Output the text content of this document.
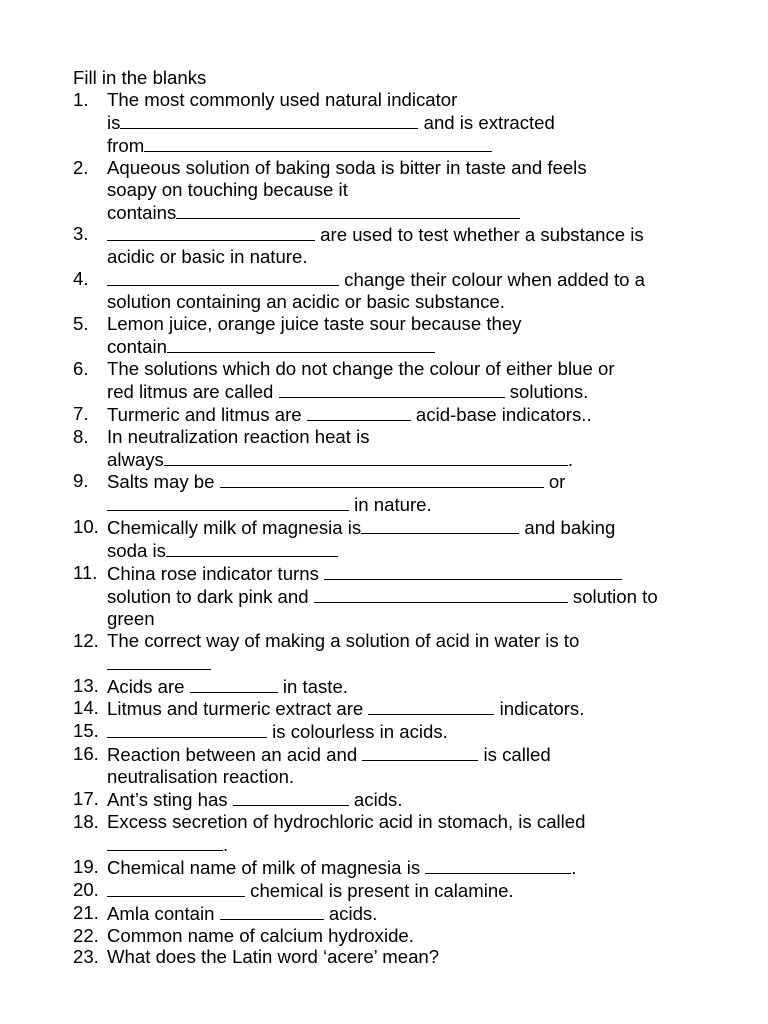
Fill in the blanks
1. The most commonly used natural indicator
is	and is extracted
from
2. Aqueous solution of baking soda is bitter in taste and feels
soapy on touching because it
contains
3.	are used to test whether a substance is
acidic or basic in nature.
4.	change their colour when added to a
solution containing an acidic or basic substance.
5. Lemon juice, orange juice taste sour because they
contain
6. The solutions which do not change the colour of either blue or
red litmus are called	solutions.
7. Turmeric and litmus are	acid-base indicators..
8. In neutralization reaction heat is
always	.
9. Salts may be	or
in nature.
10. Chemically milk of magnesia is	and baking
soda is
11. China rose indicator turns
solution to dark pink and	solution to
green
12. The correct way of making a solution of acid in water is to
13. Acids are	in taste.
14. Litmus and turmeric extract are	indicators.
15.	is colourless in acids.
16. Reaction between an acid and	is called
neutralisation reaction.
17. Ant’s sting has	acids.
18. Excess secretion of hydrochloric acid in stomach, is called
.
19. Chemical name of milk of magnesia is	.
20.	chemical is present in calamine.
21. Amla contain	acids.
22. Common name of calcium hydroxide.
23. What does the Latin word ‘acere’ mean?
